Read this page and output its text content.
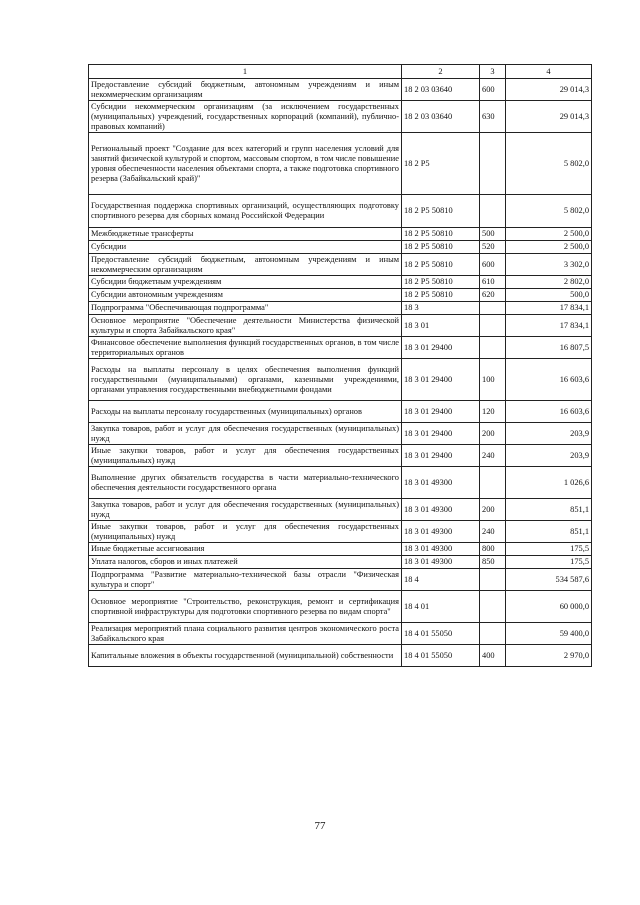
1	2	3	4
Предоставление субсидий бюджетным, автономным учреждениям и иным некоммерческим организациям	18 2 03 03640	600	29 014,3
Субсидии некоммерческим организациям (за исключением государственных (муниципальных) учреждений, государственных корпораций (компаний), публично-правовых компаний)	18 2 03 03640	630	29 014,3
Региональный проект "Создание для всех категорий и групп населения условий для занятий физической культурой и спортом, массовым спортом, в том числе повышение уровня обеспеченности населения объектами спорта, а также подготовка спортивного резерва (Забайкальский край)"	18 2 P5		5 802,0
Государственная поддержка спортивных организаций, осуществляющих подготовку спортивного резерва для сборных команд Российской Федерации	18 2 P5 50810		5 802,0
Межбюджетные трансферты	18 2 P5 50810	500	2 500,0
Субсидии	18 2 P5 50810	520	2 500,0
Предоставление субсидий бюджетным, автономным учреждениям и иным некоммерческим организациям	18 2 P5 50810	600	3 302,0
Субсидии бюджетным учреждениям	18 2 P5 50810	610	2 802,0
Субсидии автономным учреждениям	18 2 P5 50810	620	500,0
Подпрограмма "Обеспечивающая подпрограмма"	18 3		17 834,1
Основное мероприятие "Обеспечение деятельности Министерства физической культуры и спорта Забайкальского края"	18 3 01		17 834,1
Финансовое обеспечение выполнения функций государственных органов, в том числе территориальных органов	18 3 01 29400		16 807,5
Расходы на выплаты персоналу в целях обеспечения выполнения функций государственными (муниципальными) органами, казенными учреждениями, органами управления государственными внебюджетными фондами	18 3 01 29400	100	16 603,6
Расходы на выплаты персоналу государственных (муниципальных) органов	18 3 01 29400	120	16 603,6
Закупка товаров, работ и услуг для обеспечения государственных (муниципальных) нужд	18 3 01 29400	200	203,9
Иные закупки товаров, работ и услуг для обеспечения государственных (муниципальных) нужд	18 3 01 29400	240	203,9
Выполнение других обязательств государства в части материально-технического обеспечения деятельности государственного органа	18 3 01 49300		1 026,6
Закупка товаров, работ и услуг для обеспечения государственных (муниципальных) нужд	18 3 01 49300	200	851,1
Иные закупки товаров, работ и услуг для обеспечения государственных (муниципальных) нужд	18 3 01 49300	240	851,1
Иные бюджетные ассигнования	18 3 01 49300	800	175,5
Уплата налогов, сборов и иных платежей	18 3 01 49300	850	175,5
Подпрограмма "Развитие материально-технической базы отрасли "Физическая культура и спорт"	18 4		534 587,6
Основное мероприятие "Строительство, реконструкция, ремонт и сертификация спортивной инфраструктуры для подготовки спортивного резерва по видам спорта"	18 4 01		60 000,0
Реализация мероприятий плана социального развития центров экономического роста Забайкальского края	18 4 01 55050		59 400,0
Капитальные вложения в объекты государственной (муниципальной) собственности	18 4 01 55050	400	2 970,0
77
